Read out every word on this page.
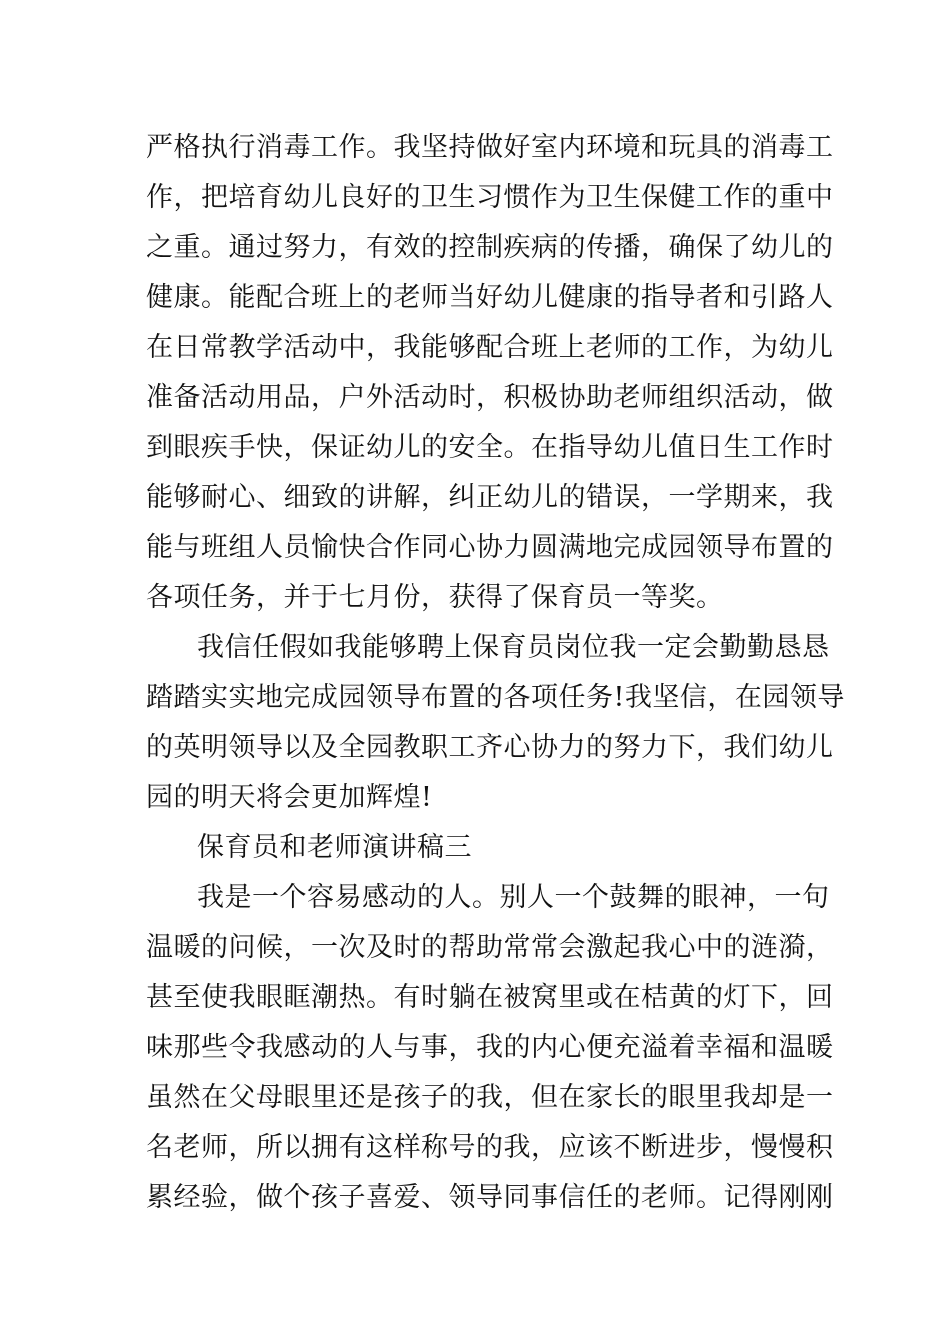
严格执行消毒工作。我坚持做好室内环境和玩具的消毒工
作，把培育幼儿良好的卫生习惯作为卫生保健工作的重中
之重。通过努力，有效的控制疾病的传播，确保了幼儿的
健康。能配合班上的老师当好幼儿健康的指导者和引路人
在日常教学活动中，我能够配合班上老师的工作，为幼儿
准备活动用品，户外活动时，积极协助老师组织活动，做
到眼疾手快，保证幼儿的安全。在指导幼儿值日生工作时
能够耐心、细致的讲解，纠正幼儿的错误，一学期来，我
能与班组人员愉快合作同心协力圆满地完成园领导布置的
各项任务，并于七月份，获得了保育员一等奖。
我信任假如我能够聘上保育员岗位我一定会勤勤恳恳
踏踏实实地完成园领导布置的各项任务!我坚信，在园领导
的英明领导以及全园教职工齐心协力的努力下，我们幼儿
园的明天将会更加辉煌!
保育员和老师演讲稿三
我是一个容易感动的人。别人一个鼓舞的眼神，一句
温暖的问候，一次及时的帮助常常会激起我心中的涟漪，
甚至使我眼眶潮热。有时躺在被窝里或在桔黄的灯下，回
味那些令我感动的人与事，我的内心便充溢着幸福和温暖
虽然在父母眼里还是孩子的我，但在家长的眼里我却是一
名老师，所以拥有这样称号的我，应该不断进步，慢慢积
累经验，做个孩子喜爱、领导同事信任的老师。记得刚刚
